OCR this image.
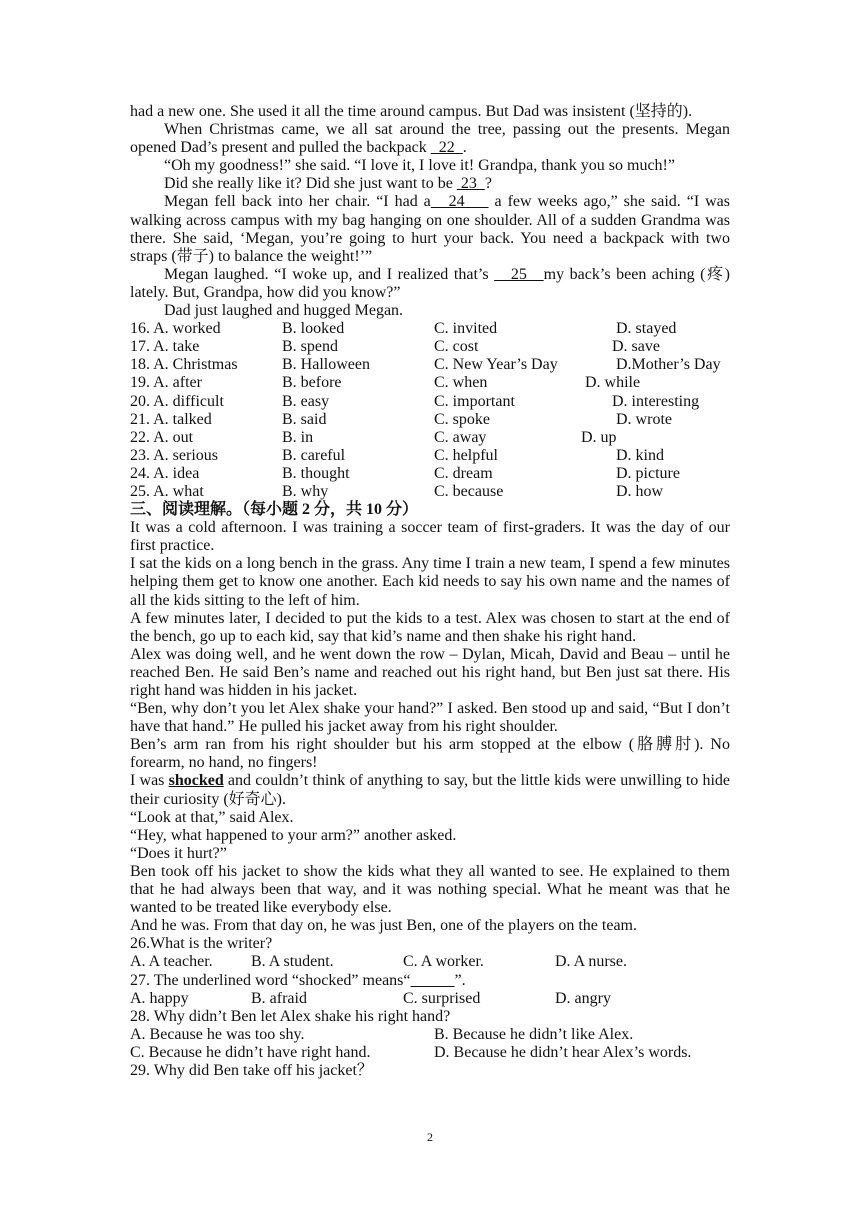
had a new one. She used it all the time around campus. But Dad was insistent (坚持的).

When Christmas came, we all sat around the tree, passing out the presents. Megan opened Dad’s present and pulled the backpack   22  .

“Oh my goodness!” she said. “I love it, I love it! Grandpa, thank you so much!”

Did she really like it? Did she just want to be  23  ?

Megan fell back into her chair. “I had a   24     a few weeks ago,” she said. “I was walking across campus with my bag hanging on one shoulder. All of a sudden Grandma was there. She said, ‘Megan, you’re going to hurt your back. You need a backpack with two straps (带子) to balance the weight!’”

Megan laughed. “I woke up, and I realized that’s    25   my back’s been aching (疼) lately. But, Grandpa, how did you know?”

Dad just laughed and hugged Megan.

16. A. worked	B. looked	C. invited	D. stayed
17. A. take	B. spend	C. cost	D. save
18. A. Christmas	B. Halloween	C. New Year’s Day	D.Mother’s Day
19. A. after	B. before	C. when	D. while
20. A. difficult	B. easy	C. important	D. interesting
21. A. talked	B. said	C. spoke	D. wrote
22. A. out	B. in	C. away	D. up
23. A. serious	B. careful	C. helpful	D. kind
24. A. idea	B. thought	C. dream	D. picture
25. A. what	B. why	C. because	D. how

三、阅读理解。（每小题 2 分，共 10 分）

It was a cold afternoon. I was training a soccer team of first-graders. It was the day of our first practice.

I sat the kids on a long bench in the grass. Any time I train a new team, I spend a few minutes helping them get to know one another. Each kid needs to say his own name and the names of all the kids sitting to the left of him.

A few minutes later, I decided to put the kids to a test. Alex was chosen to start at the end of the bench, go up to each kid, say that kid’s name and then shake his right hand.

Alex was doing well, and he went down the row – Dylan, Micah, David and Beau – until he reached Ben. He said Ben’s name and reached out his right hand, but Ben just sat there. His right hand was hidden in his jacket.

“Ben, why don’t you let Alex shake your hand?” I asked. Ben stood up and said, “But I don’t have that hand.” He pulled his jacket away from his right shoulder.

Ben’s arm ran from his right shoulder but his arm stopped at the elbow (胳膊肘). No forearm, no hand, no fingers!

I was shocked and couldn’t think of anything to say, but the little kids were unwilling to hide their curiosity (好奇心).

“Look at that,” said Alex.

“Hey, what happened to your arm?” another asked.

“Does it hurt?”

Ben took off his jacket to show the kids what they all wanted to see. He explained to them that he had always been that way, and it was nothing special. What he meant was that he wanted to be treated like everybody else.

And he was. From that day on, he was just Ben, one of the players on the team.

26.What is the writer?

A. A teacher.	B. A student.	C. A worker.	D. A nurse.

27. The underlined word “shocked” means“	”.

A. happy	B. afraid	C. surprised	D. angry

28. Why didn’t Ben let Alex shake his right hand?

A. Because he was too shy.	B. Because he didn’t like Alex.
C. Because he didn’t have right hand.	D. Because he didn’t hear Alex’s words.

29. Why did Ben take off his jacket？

2
